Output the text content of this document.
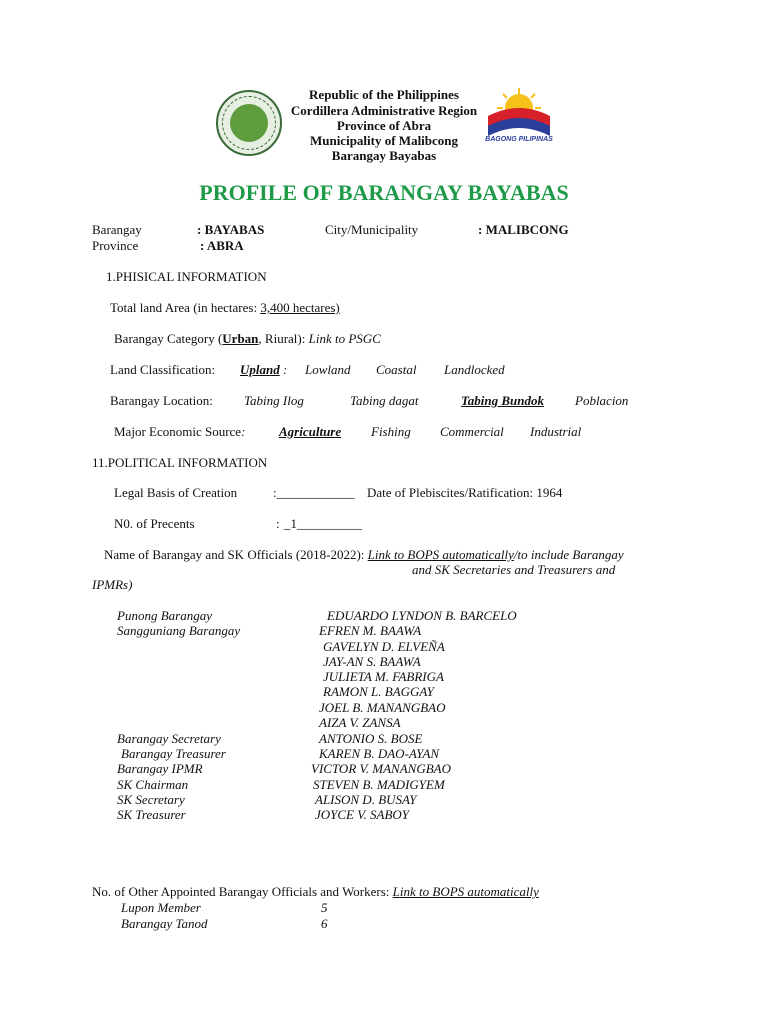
BAGONG PILIPINAS
Republic of the Philippines
Cordillera Administrative Region
Province of Abra
Municipality of Malibcong
Barangay Bayabas
PROFILE OF BARANGAY BAYABAS
Barangay	: BAYABAS	City/Municipality	: MALIBCONG
Province	: ABRA
1.PHISICAL INFORMATION
Total land Area (in hectares: 3,400 hectares)
Barangay Category (Urban, Riural): Link to PSGC
Land Classification: Upland : Lowland Coastal Landlocked
Barangay Location: Tabing Ilog	Tabing dagat	Tabing Bundok Poblacion
Major Economic Source:	Agriculture Fishing Commercial Industrial
11.POLITICAL INFORMATION
Legal Basis of Creation	:____________ Date of Plebiscites/Ratification: 1964
N0. of Precents	: _1__________
Name of Barangay and SK Officials (2018-2022): Link to BOPS automatically/to include Barangay
and SK Secretaries and Treasurers and
IPMRs)
Punong Barangay	EDUARDO LYNDON B. BARCELO
Sangguniang Barangay	EFREN M. BAAWA
GAVELYN D. ELVEÑA
JAY-AN S. BAAWA
JULIETA M. FABRIGA
RAMON L. BAGGAY
JOEL B. MANANGBAO
AIZA V. ZANSA
Barangay Secretary	ANTONIO S. BOSE
Barangay Treasurer	KAREN B. DAO-AYAN
Barangay IPMR	VICTOR V. MANANGBAO
SK Chairman	STEVEN B. MADIGYEM
SK Secretary	ALISON D. BUSAY
SK Treasurer	JOYCE V. SABOY
No. of Other Appointed Barangay Officials and Workers: Link to BOPS automatically
Lupon Member	5
Barangay Tanod	6
